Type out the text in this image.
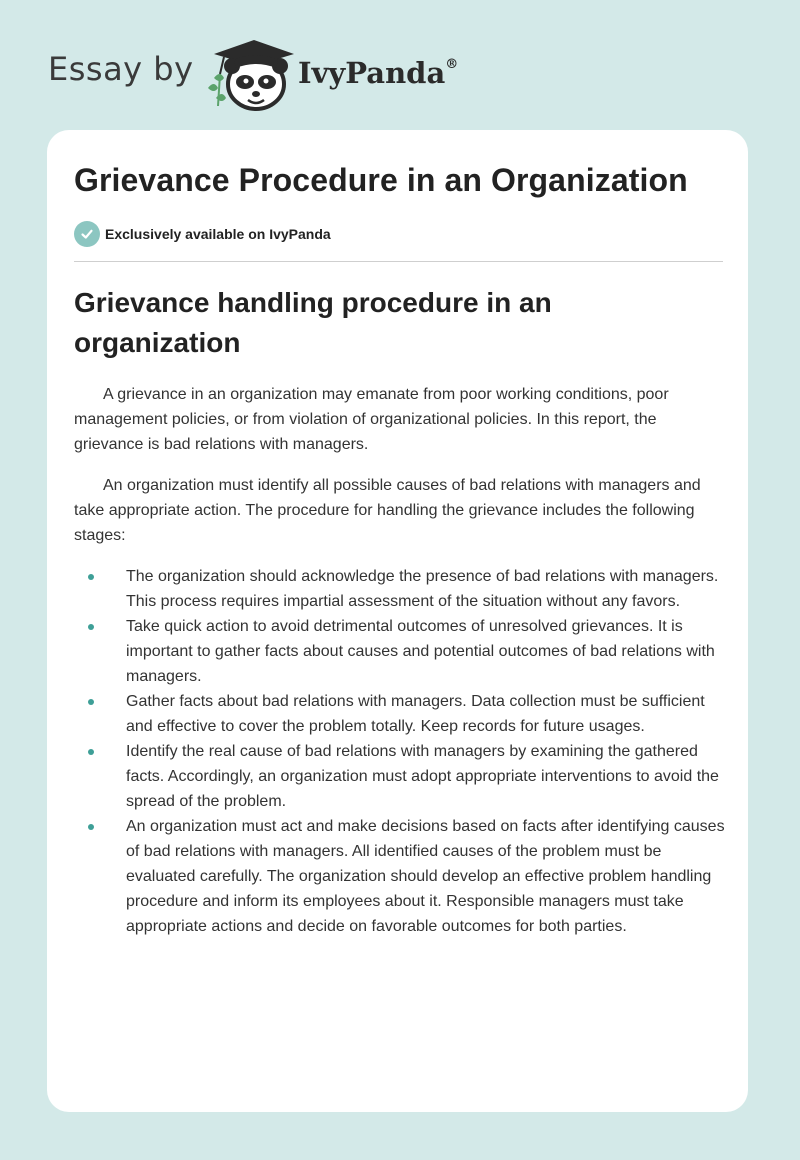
Essay by	IvyPanda®
Grievance Procedure in an Organization
Exclusively available on IvyPanda
Grievance handling procedure in an organization

A grievance in an organization may emanate from poor working conditions, poor management policies, or from violation of organizational policies. In this report, the grievance is bad relations with managers.

An organization must identify all possible causes of bad relations with managers and take appropriate action. The procedure for handling the grievance includes the following stages:

The organization should acknowledge the presence of bad relations with managers. This process requires impartial assessment of the situation without any favors.
Take quick action to avoid detrimental outcomes of unresolved grievances. It is important to gather facts about causes and potential outcomes of bad relations with managers.
Gather facts about bad relations with managers. Data collection must be sufficient and effective to cover the problem totally. Keep records for future usages.
Identify the real cause of bad relations with managers by examining the gathered facts. Accordingly, an organization must adopt appropriate interventions to avoid the spread of the problem.
An organization must act and make decisions based on facts after identifying causes of bad relations with managers. All identified causes of the problem must be evaluated carefully. The organization should develop an effective problem handling procedure and inform its employees about it. Responsible managers must take appropriate actions and decide on favorable outcomes for both parties.
